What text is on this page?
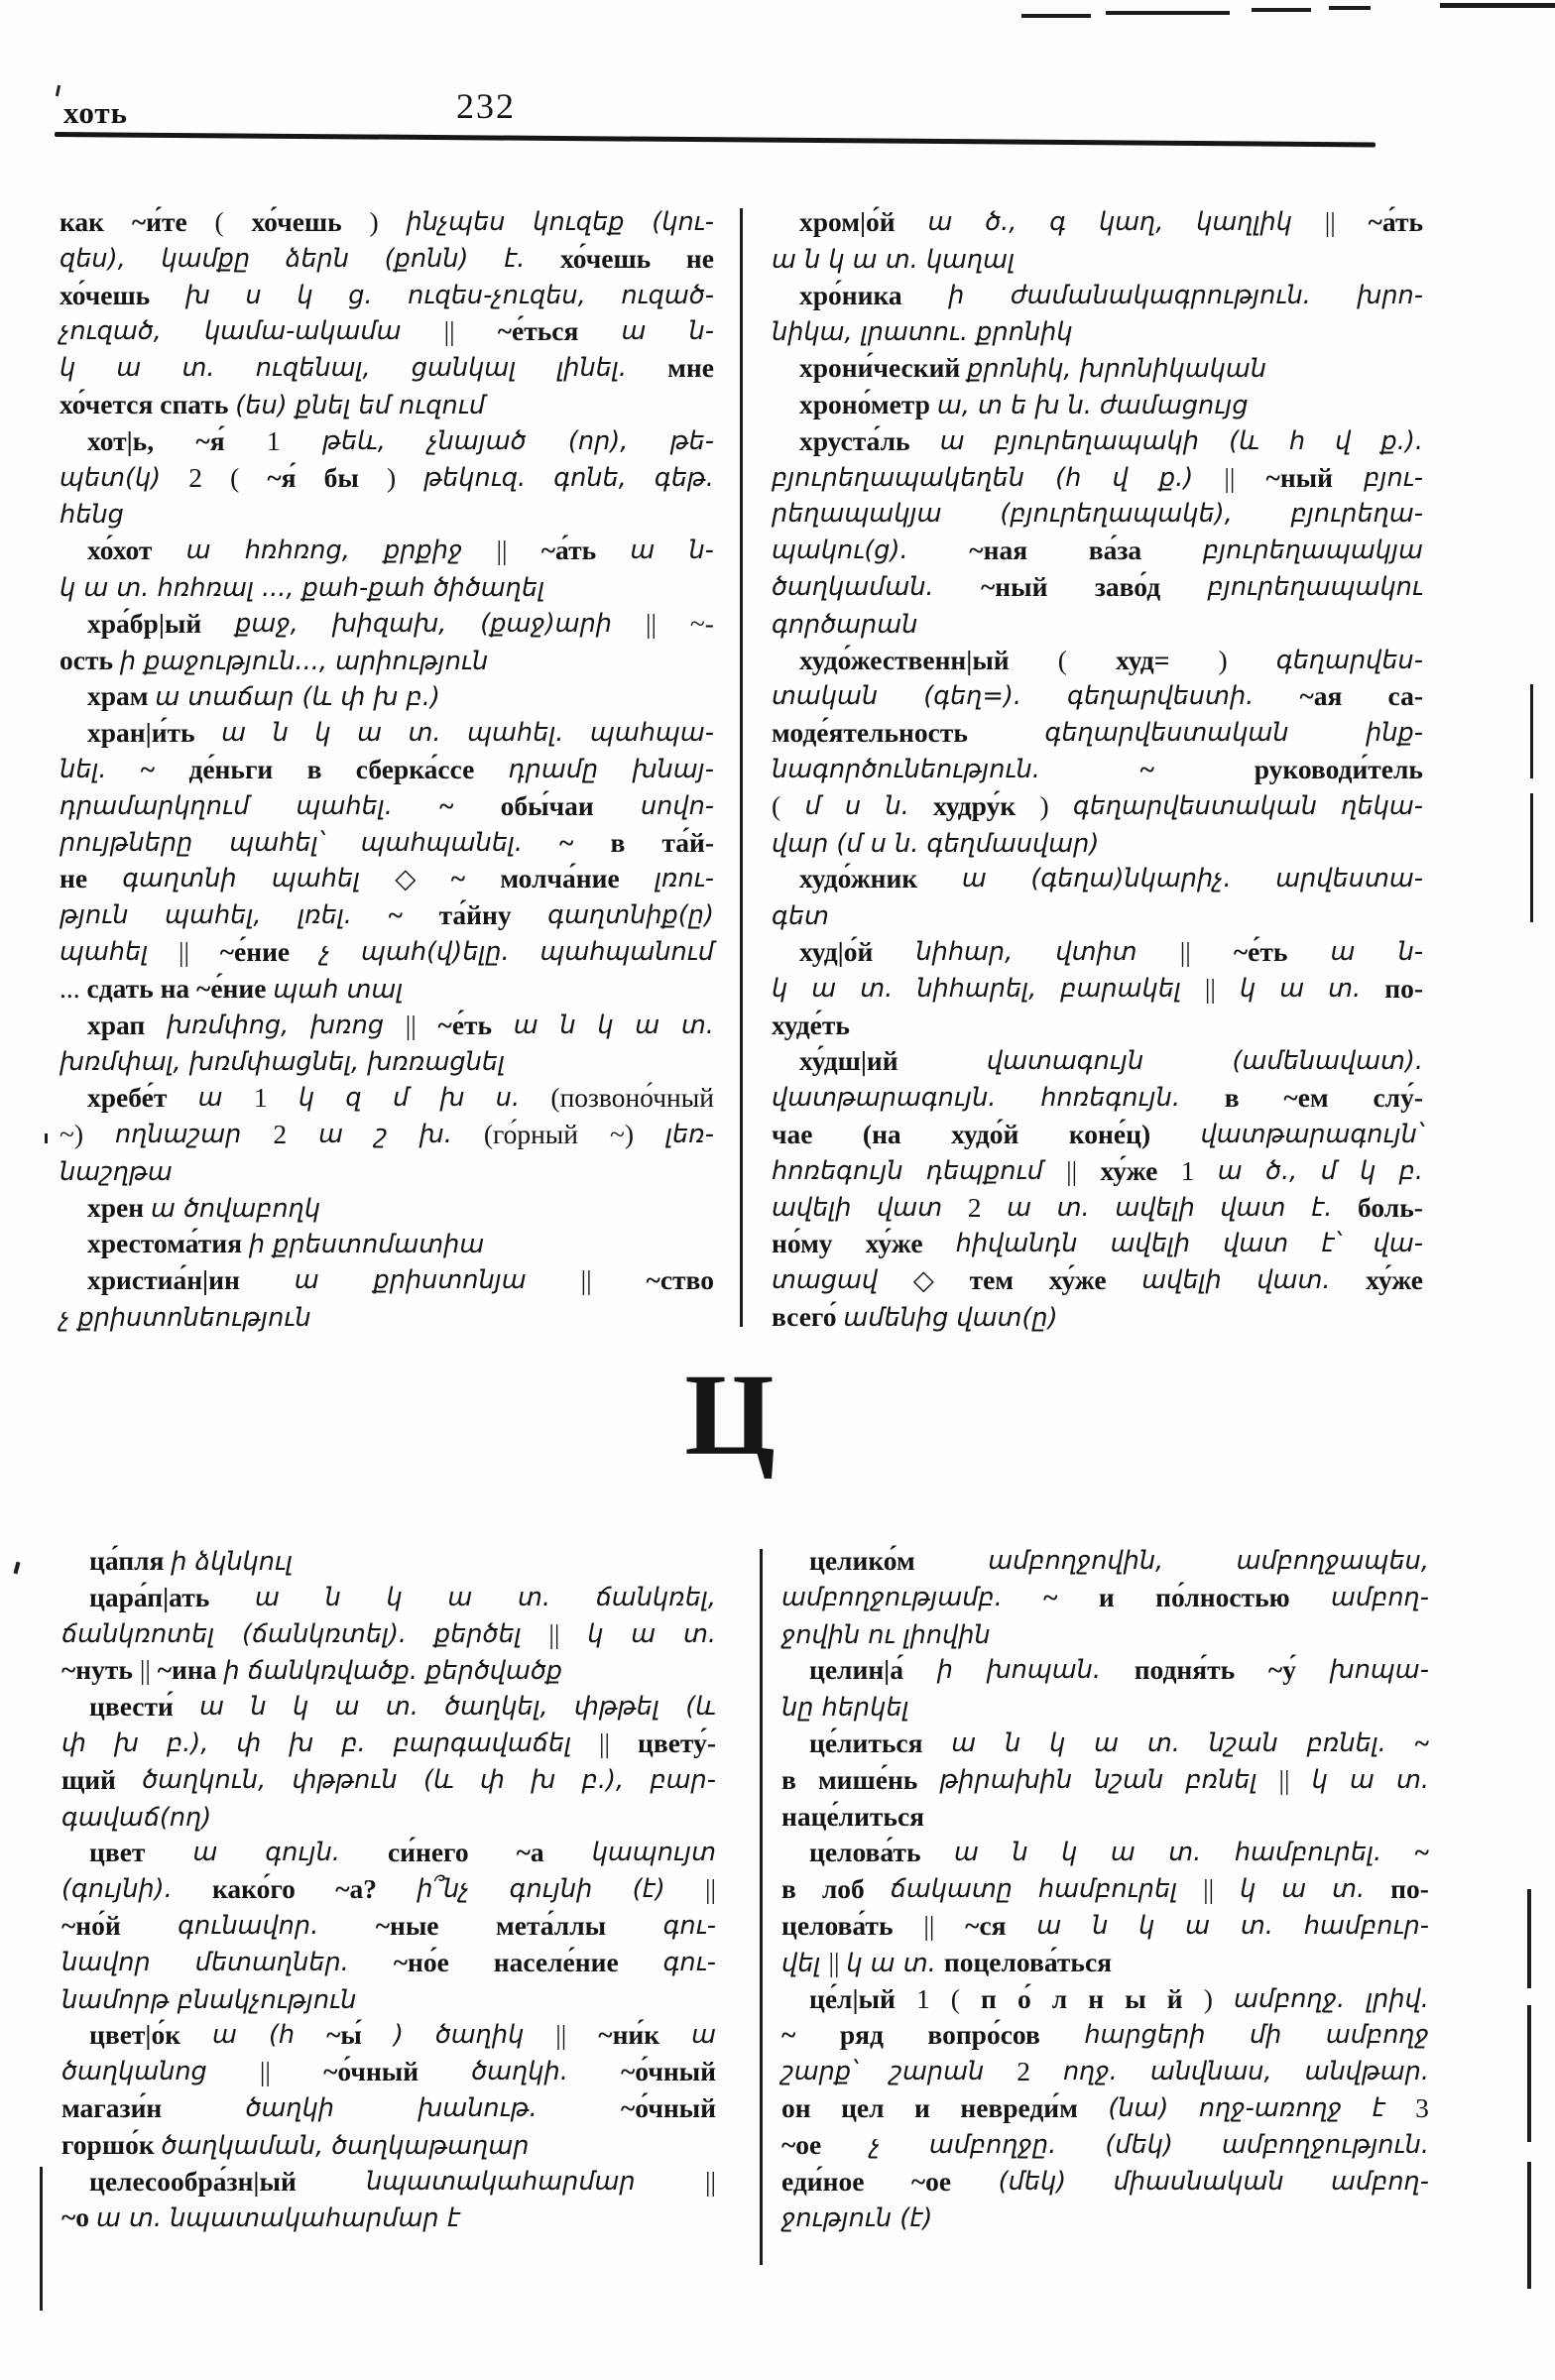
хоть	232
как ~и́те ( хо́чешь ) ինչպես կուզեք (կու-
զես), կամքը ձերն (քոնն) է. хо́чешь не
хо́чешь խ ս կ ց. ուզես-չուզես, ուզած-
չուզած, կամա-ակամա || ~е́ться ա ն-
կ ա տ. ուզենալ, ցանկալ լինել. мне
хо́чется спать (ես) քնել եմ ուզում
хот|ь, ~я́ 1 թեև, չնայած (որ), թե-
պետ(կ) 2 ( ~я́ бы ) թեկուզ. գոնե, գեթ.
հենց
хо́хот ա հռհռոց, քրքիջ || ~а́ть ա ն-
կ ա տ. հռհռալ ..., քահ-քահ ծիծաղել
хра́бр|ый քաջ, խիզախ, (քաջ)արի || ~-
ость ի քաջություն..., արիություն
храм ա տաճար (և փ խ բ.)
хран|и́ть ա ն կ ա տ. պահել. պահպա-
նել. ~ де́ньги в сберка́ссе դրամը խնայ-
դրամարկղում պահել. ~ обы́чаи սովո-
րույթները պահել՝ պահպանել. ~ в та́й-
не գաղտնի պահել ◇ ~ молча́ние լռու-
թյուն պահել, լռել. ~ та́йну գաղտնիք(ը)
պահել || ~е́ние չ պահ(վ)ելը. պահպանում
... сдать на ~е́ние պահ տալ
храп խռմփոց, խռոց || ~е́ть ա ն կ ա տ.
խռմփալ, խռմփացնել, խռռացնել
хребе́т ա 1 կ զ մ խ ս. (позвоно́чный
~) ողնաշար 2 ա շ խ. (го́рный ~) լեռ-
նաշղթա
хрен ա ծովաբողկ
хрестома́тия ի քրեստոմատիա
христиа́н|ин ա քրիստոնյա || ~ство
չ քրիստոնեություն
хром|о́й ա ծ., գ կաղ, կաղլիկ || ~а́ть
ա ն կ ա տ. կաղալ
хро́ника ի ժամանակագրություն. խրո-
նիկա, լրատու. քրոնիկ
хрони́ческий քրոնիկ, խրոնիկական
хроно́метр ա, տ ե խ ն. ժամացույց
хруста́ль ա բյուրեղապակի (և հ վ ք.).
բյուրեղապակեղեն (հ վ ք.) || ~ный բյու-
րեղապակյա (բյուրեղապակե), բյուրեղա-
պակու(ց). ~ная ва́за բյուրեղապակյա
ծաղկաման. ~ный заво́д բյուրեղապակու
գործարան
худо́жественн|ый ( худ= ) գեղարվես-
տական (գեղ=). գեղարվեստի. ~ая са-
моде́ятельность	գեղարվեստական	ինք-
նագործունեություն.	~	руководи́тель
( մ ս ն. худру́к ) գեղարվեստական ղեկա-
վար (մ ս ն. գեղմասվար)
худо́жник ա (գեղա)նկարիչ. արվեստա-
գետ
худ|о́й նիհար, վտիտ || ~е́ть ա ն-
կ ա տ. նիհարել, բարակել || կ ա տ. по-
худе́ть
ху́дш|ий	վատագույն	(ամենավատ).
վատթարագույն. հոռեգույն. в ~ем слу́-
чае (на худо́й коне́ц) վատթարագույն՝
հոռեգույն դեպքում || ху́же 1 ա ծ., մ կ բ.
ավելի վատ 2 ա տ. ավելի վատ է. боль-
но́му ху́же հիվանդն ավելի վատ է՝ վա-
տացավ ◇ тем ху́же ավելի վատ. ху́же
всего́ ամենից վատ(ը)
Ц
ца́пля ի ձկնկուլ
цара́п|ать ա ն կ ա տ. ճանկռել,
ճանկռոտել (ճանկռտել). քերծել || կ ա տ.
~нуть || ~ина ի ճանկռվածք. քերծվածք
цвести́ ա ն կ ա տ. ծաղկել, փթթել (և
փ խ բ.), փ խ բ. բարգավաճել || цвету́-
щий ծաղկուն, փթթուն (և փ խ բ.), բար-
գավաճ(ող)
цвет ա գույն. си́него ~а կապույտ
(գույնի). како́го ~а? ի՞նչ գույնի (է) ||
~но́й գունավոր. ~ные мета́ллы գու-
նավոր մետաղներ. ~но́е населе́ние գու-
նամորթ բնակչություն
цвет|о́к ա (հ ~ы́ ) ծաղիկ || ~ни́к ա
ծաղկանոց || ~о́чный ծաղկի. ~о́чный
магази́н	ծաղկի	խանութ.	~о́чный
горшо́к ծաղկաման, ծաղկաթաղար
целесообра́зн|ый	նպատակահարմար	||
~о ա տ. նպատակահարմար է
целико́м	ամբողջովին,	ամբողջապես,
ամբողջությամբ. ~ и по́лностью ամբող-
ջովին ու լիովին
целин|а́ ի խոպան. подня́ть ~у́ խոպա-
նը հերկել
це́литься ա ն կ ա տ. նշան բռնել. ~
в мише́нь թիրախին նշան բռնել || կ ա տ.
наце́литься
целова́ть ա ն կ ա տ. համբուրել. ~
в лоб ճակատը համբուրել || կ ա տ. по-
целова́ть || ~ся ա ն կ ա տ. համբուր-
վել || կ ա տ. поцелова́ться
це́л|ый 1 ( п о́ л н ы й ) ամբողջ. լրիվ.
~ ряд вопро́сов հարցերի մի ամբողջ
շարք՝ շարան 2 ողջ. անվնաս, անվթար.
он цел и невреди́м (նա) ողջ-առողջ է 3
~ое չ ամբողջը. (մեկ) ամբողջություն.
еди́ное ~ое (մեկ) միասնական ամբող-
ջություն (է)
